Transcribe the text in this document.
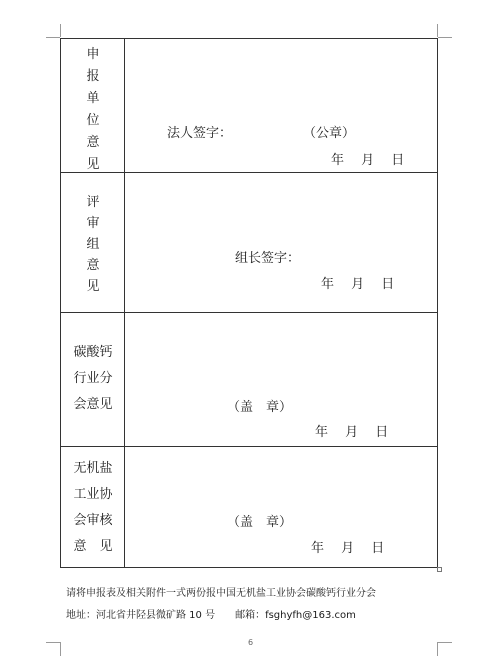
申
报
单
位
意
见
法人签字：	（公章）
年　 月　 日
评
审
组
意
见
组长签字：
年　 月　 日
碳酸钙
行业分
会意见	（盖　章）
年　 月　 日
无机盐
工业协
会审核
意　见
（盖　章）
年　 月　 日
请将申报表及相关附件一式两份报中国无机盐工业协会碳酸钙行业分会
地址：河北省井陉县微矿路 10 号　　邮箱：fsghyfh@163.com
6
